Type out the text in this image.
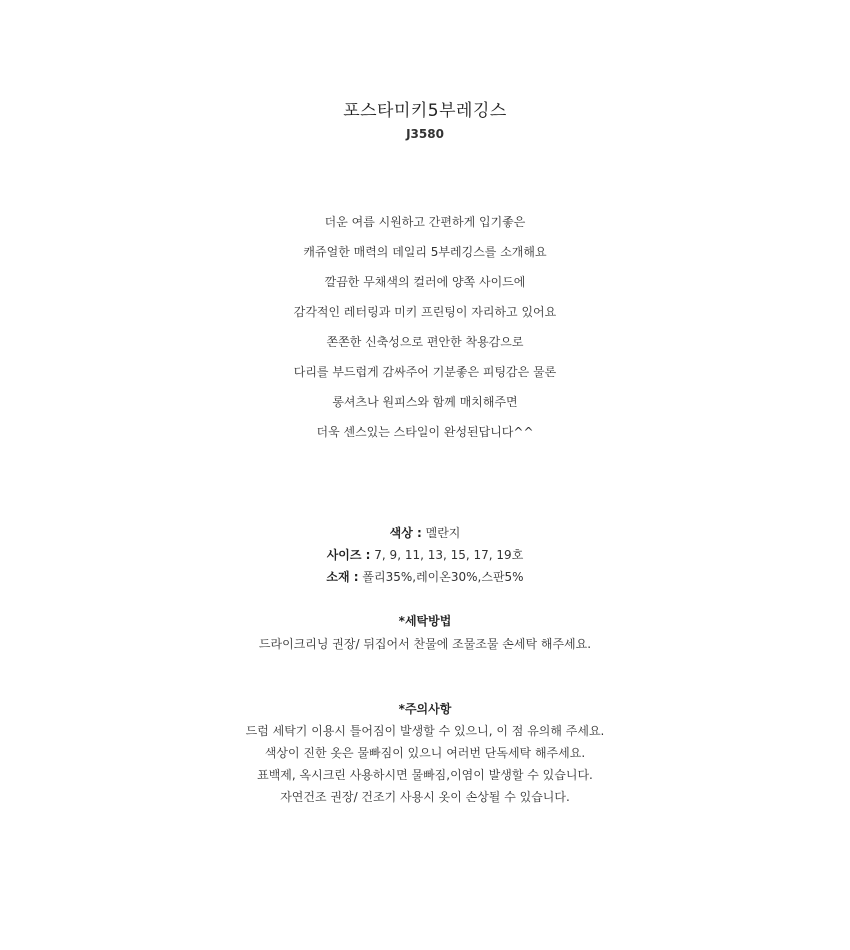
포스타미키5부레깅스
J3580
더운 여름 시원하고 간편하게 입기좋은
캐쥬얼한 매력의 데일리 5부레깅스를 소개해요
깔끔한 무채색의 컬러에 양쪽 사이드에
감각적인 레터링과 미키 프린팅이 자리하고 있어요
쫀쫀한 신축성으로 편안한 착용감으로
다리를 부드럽게 감싸주어 기분좋은 피팅감은 물론
롱셔츠나 원피스와 함께 매치해주면
더욱 센스있는 스타일이 완성된답니다^^
색상 : 멜란지
사이즈 : 7, 9, 11, 13, 15, 17, 19호
소재 : 폴리35%,레이온30%,스판5%
*세탁방법
드라이크리닝 권장/ 뒤집어서 찬물에 조물조물 손세탁 해주세요.
*주의사항
드럼 세탁기 이용시 틀어짐이 발생할 수 있으니, 이 점 유의해 주세요.
색상이 진한 옷은 물빠짐이 있으니 여러번 단독세탁 해주세요.
표백제, 옥시크린 사용하시면 물빠짐,이염이 발생할 수 있습니다.
자연건조 권장/ 건조기 사용시 옷이 손상될 수 있습니다.
